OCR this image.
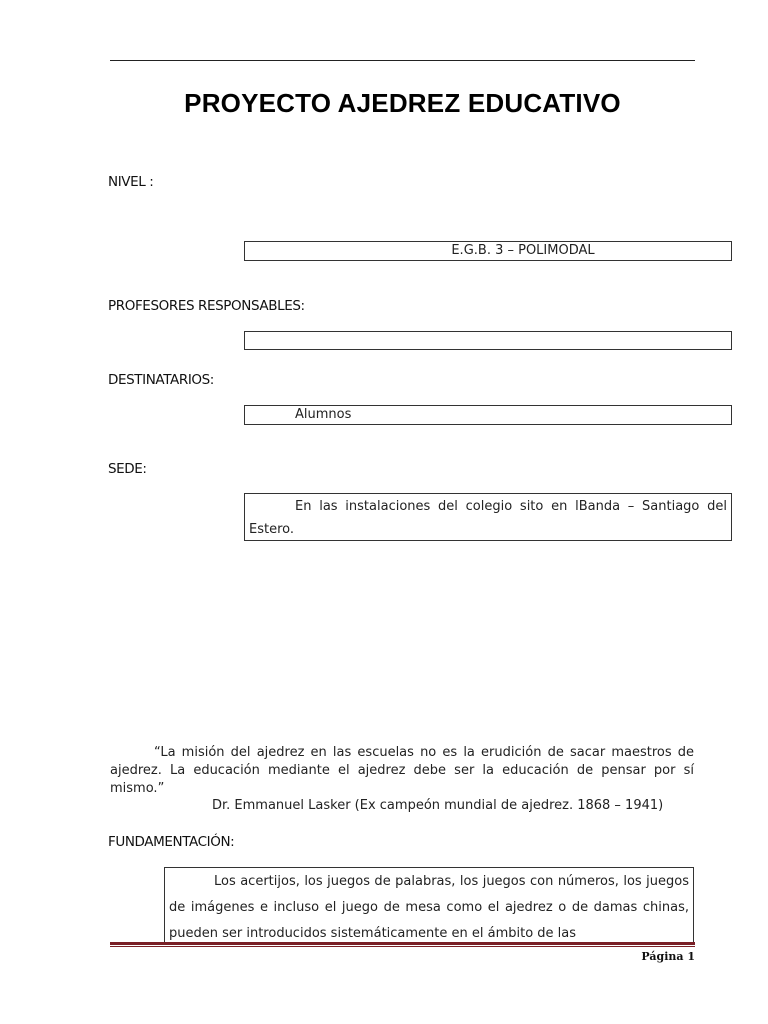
PROYECTO AJEDREZ EDUCATIVO
NIVEL :
E.G.B. 3 – POLIMODAL
PROFESORES RESPONSABLES:
DESTINATARIOS:
Alumnos
SEDE:
En las instalaciones del colegio sito en lBanda – Santiago del Estero.
“La misión del ajedrez en las escuelas no es la erudición de sacar maestros de ajedrez. La educación mediante el ajedrez debe ser la educación de pensar por sí mismo.”
Dr. Emmanuel Lasker (Ex campeón mundial de ajedrez. 1868 – 1941)
FUNDAMENTACIÓN:
Los acertijos, los juegos de palabras, los juegos con números, los juegos de imágenes e incluso el juego de mesa como el ajedrez o de damas chinas, pueden ser introducidos sistemáticamente en el ámbito de las
Página 1
